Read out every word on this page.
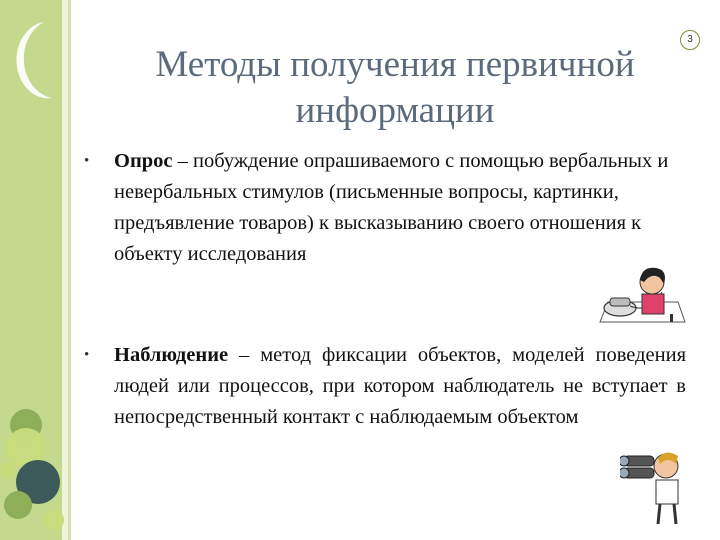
3
Методы получения первичной информации
• Опрос – побуждение опрашиваемого с помощью вербальных и невербальных стимулов (письменные вопросы, картинки, предъявление товаров) к высказыванию своего отношения к объекту исследования
• Наблюдение – метод фиксации объектов, моделей поведения людей или процессов, при котором наблюдатель не вступает в непосредственный контакт с наблюдаемым объектом
